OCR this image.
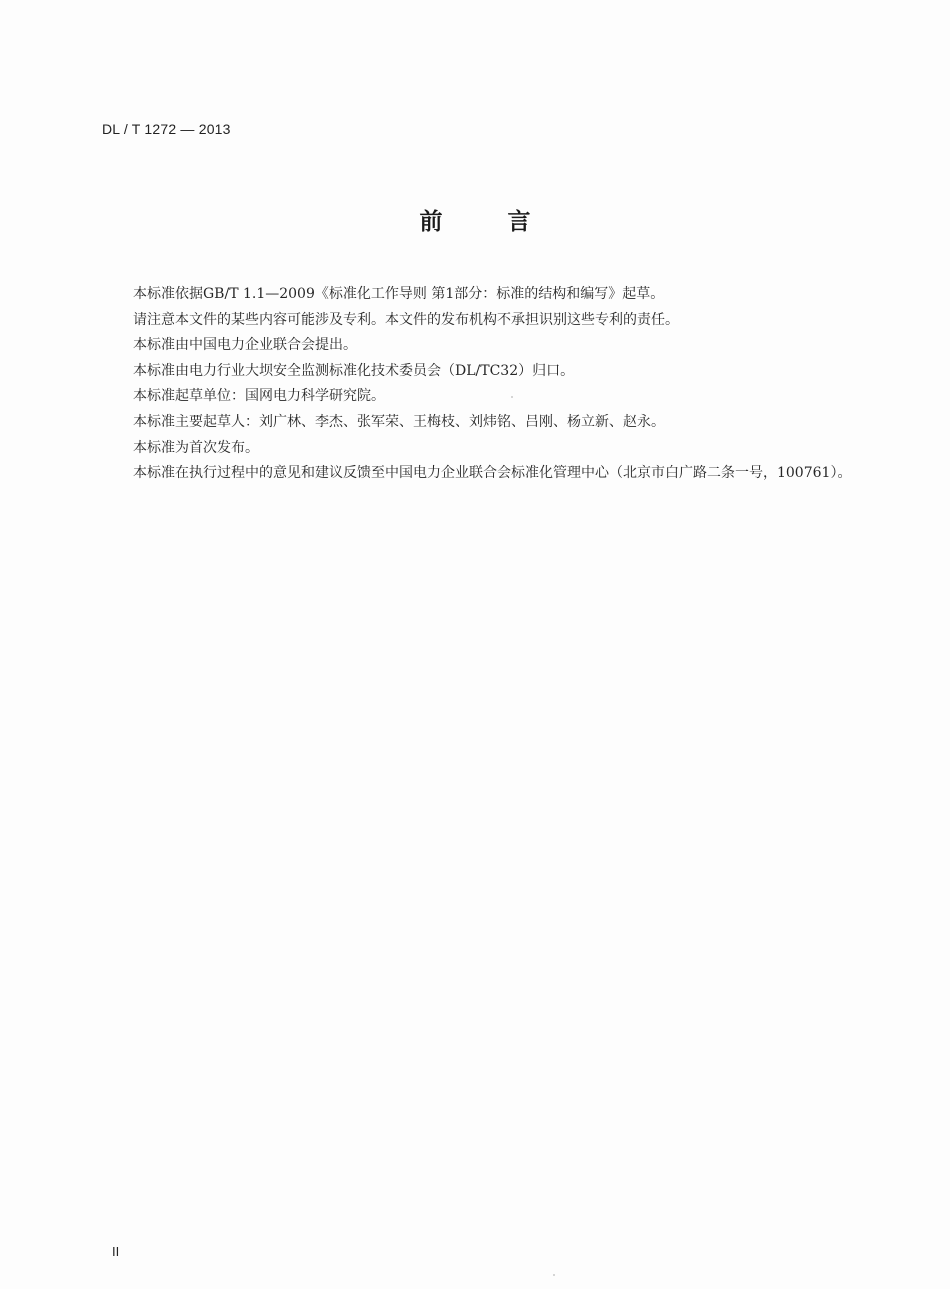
DL / T 1272 — 2013
前	言

本标准依据GB/T 1.1—2009《标准化工作导则 第1部分：标准的结构和编写》起草。

请注意本文件的某些内容可能涉及专利。本文件的发布机构不承担识别这些专利的责任。

本标准由中国电力企业联合会提出。

本标准由电力行业大坝安全监测标准化技术委员会（DL/TC32）归口。

本标准起草单位：国网电力科学研究院。

本标准主要起草人：刘广林、李杰、张军荣、王梅枝、刘炜铭、吕刚、杨立新、赵永。

本标准为首次发布。

本标准在执行过程中的意见和建议反馈至中国电力企业联合会标准化管理中心（北京市白广路二条一号，100761）。

II
